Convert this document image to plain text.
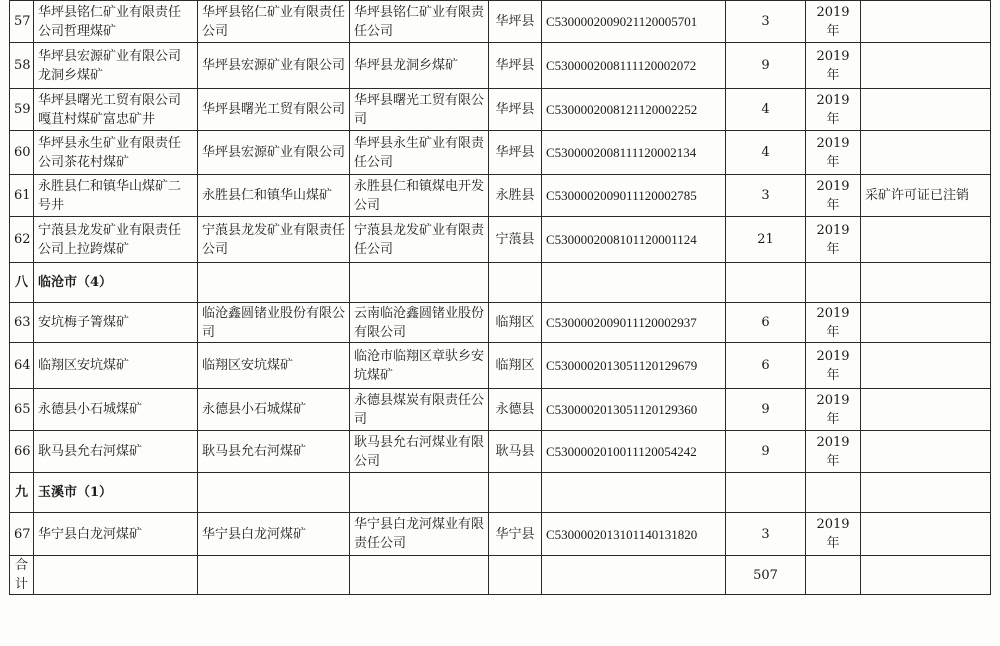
57	华坪县铭仁矿业有限责任公司哲理煤矿	华坪县铭仁矿业有限责任公司	华坪县铭仁矿业有限责任公司	华坪县	C5300002009021120005701	3	2019年	
58	华坪县宏源矿业有限公司龙洞乡煤矿	华坪县宏源矿业有限公司	华坪县龙洞乡煤矿	华坪县	C5300002008111120002072	9	2019年	
59	华坪县曙光工贸有限公司嘎苴村煤矿富忠矿井	华坪县曙光工贸有限公司	华坪县曙光工贸有限公司	华坪县	C5300002008121120002252	4	2019年	
60	华坪县永生矿业有限责任公司茶花村煤矿	华坪县宏源矿业有限公司	华坪县永生矿业有限责任公司	华坪县	C5300002008111120002134	4	2019年	
61	永胜县仁和镇华山煤矿二号井	永胜县仁和镇华山煤矿	永胜县仁和镇煤电开发公司	永胜县	C5300002009011120002785	3	2019年	采矿许可证已注销
62	宁蒗县龙发矿业有限责任公司上拉跨煤矿	宁蒗县龙发矿业有限责任公司	宁蒗县龙发矿业有限责任公司	宁蒗县	C5300002008101120001124	21	2019年	
八	临沧市（4）							
63	安坑梅子箐煤矿	临沧鑫圆锗业股份有限公司	云南临沧鑫圆锗业股份有限公司	临翔区	C5300002009011120002937	6	2019年	
64	临翔区安坑煤矿	临翔区安坑煤矿	临沧市临翔区章驮乡安坑煤矿	临翔区	C5300002013051120129679	6	2019年	
65	永德县小石城煤矿	永德县小石城煤矿	永德县煤炭有限责任公司	永德县	C5300002013051120129360	9	2019年	
66	耿马县允右河煤矿	耿马县允右河煤矿	耿马县允右河煤业有限公司	耿马县	C5300002010011120054242	9	2019年	
九	玉溪市（1）							
67	华宁县白龙河煤矿	华宁县白龙河煤矿	华宁县白龙河煤业有限责任公司	华宁县	C5300002013101140131820	3	2019年	
合计						507		
